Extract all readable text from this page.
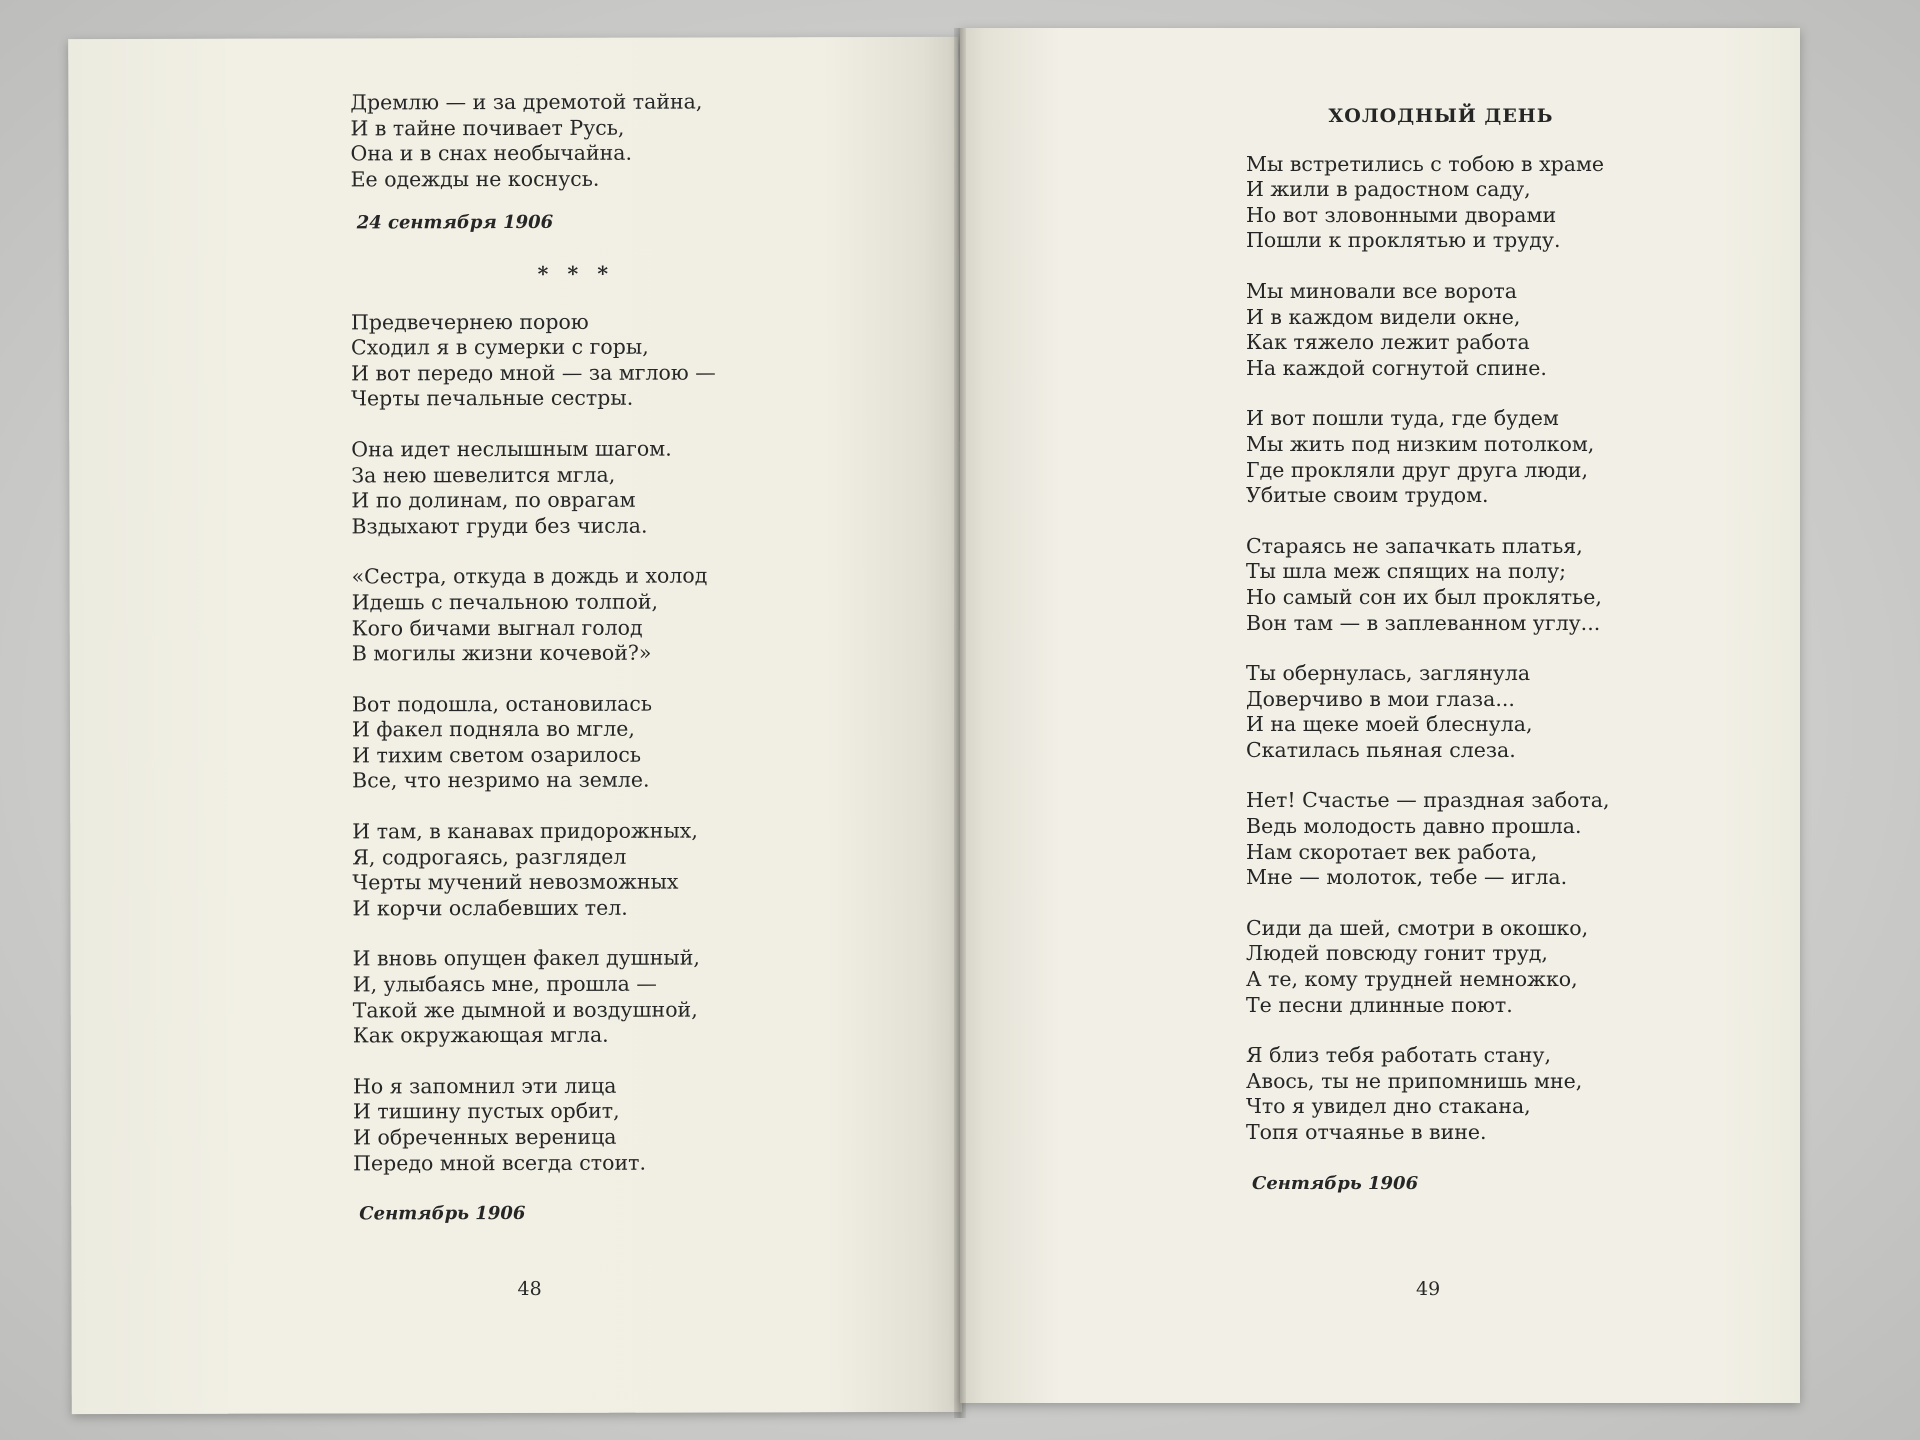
Дремлю — и за дремотой тайна,
И в тайне почивает Русь,
Она и в снах необычайна.
Ее одежды не коснусь.
24 сентября 1906
* * *
Предвечернею порою
Сходил я в сумерки с горы,
И вот передо мной — за мглою —
Черты печальные сестры.
Она идет неслышным шагом.
За нею шевелится мгла,
И по долинам, по оврагам
Вздыхают груди без числа.
«Сестра, откуда в дождь и холод
Идешь с печальною толпой,
Кого бичами выгнал голод
В могилы жизни кочевой?»
Вот подошла, остановилась
И факел подняла во мгле,
И тихим светом озарилось
Все, что незримо на земле.
И там, в канавах придорожных,
Я, содрогаясь, разглядел
Черты мучений невозможных
И корчи ослабевших тел.
И вновь опущен факел душный,
И, улыбаясь мне, прошла —
Такой же дымной и воздушной,
Как окружающая мгла.
Но я запомнил эти лица
И тишину пустых орбит,
И обреченных вереница
Передо мной всегда стоит.
Сентябрь 1906
48
ХОЛОДНЫЙ ДЕНЬ
Мы встретились с тобою в храме
И жили в радостном саду,
Но вот зловонными дворами
Пошли к проклятью и труду.
Мы миновали все ворота
И в каждом видели окне,
Как тяжело лежит работа
На каждой согнутой спине.
И вот пошли туда, где будем
Мы жить под низким потолком,
Где прокляли друг друга люди,
Убитые своим трудом.
Стараясь не запачкать платья,
Ты шла меж спящих на полу;
Но самый сон их был проклятье,
Вон там — в заплеванном углу...
Ты обернулась, заглянула
Доверчиво в мои глаза...
И на щеке моей блеснула,
Скатилась пьяная слеза.
Нет! Счастье — праздная забота,
Ведь молодость давно прошла.
Нам скоротает век работа,
Мне — молоток, тебе — игла.
Сиди да шей, смотри в окошко,
Людей повсюду гонит труд,
А те, кому трудней немножко,
Те песни длинные поют.
Я близ тебя работать стану,
Авось, ты не припомнишь мне,
Что я увидел дно стакана,
Топя отчаянье в вине.
Сентябрь 1906
49
